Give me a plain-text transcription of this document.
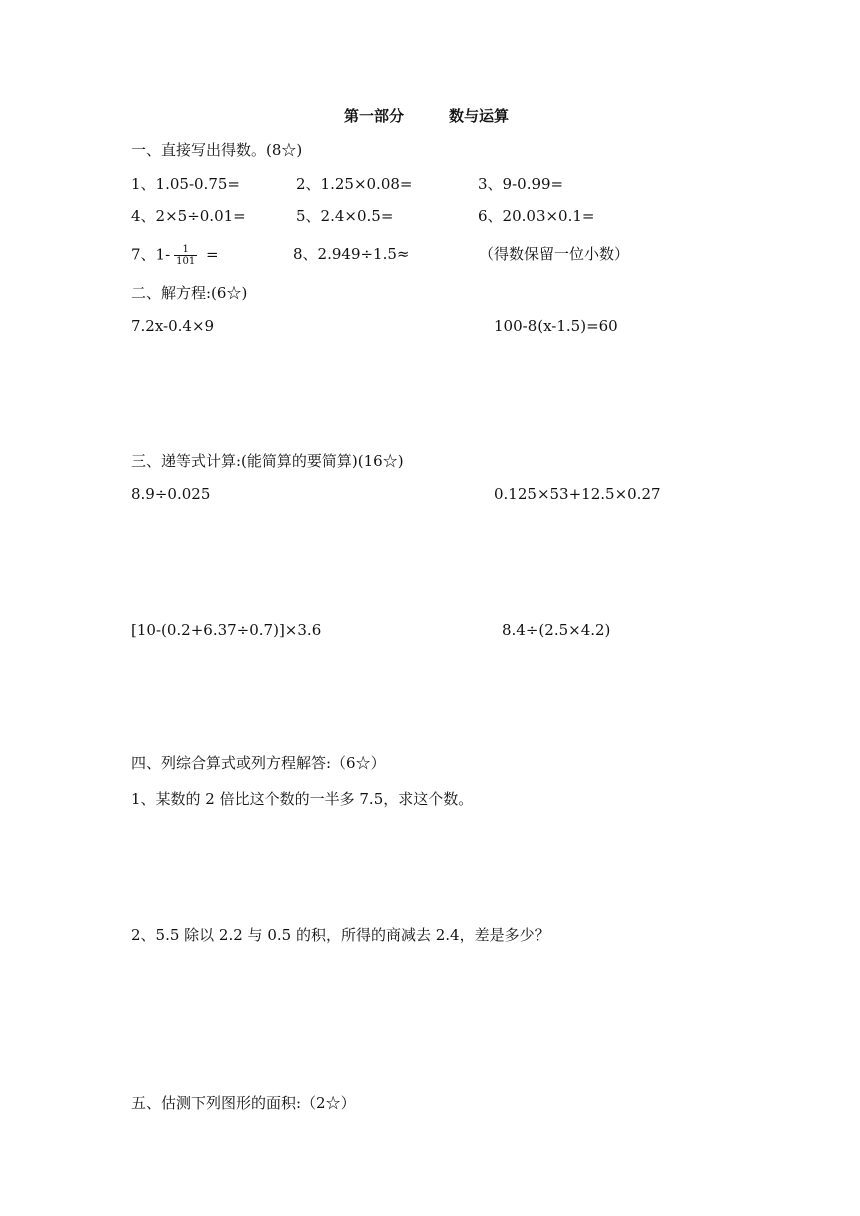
第一部分	数与运算
一、直接写出得数。(8☆)
1、1.05-0.75=	2、1.25×0.08=	3、9-0.99=
4、2×5÷0.01=	5、2.4×0.5=	6、20.03×0.1=
7、$1- \frac{1}{101}$ =	8、2.949÷1.5≈	（得数保留一位小数）
二、解方程:(6☆)
7.2x-0.4×9	100-8(x-1.5)=60
三、递等式计算:(能简算的要简算)(16☆)
8.9÷0.025	0.125×53+12.5×0.27
[10-(0.2+6.37÷0.7)]×3.6	8.4÷(2.5×4.2)
四、列综合算式或列方程解答:（6☆）
1、某数的 2 倍比这个数的一半多 7.5，求这个数。
2、5.5 除以 2.2 与 0.5 的积，所得的商减去 2.4，差是多少？
五、估测下列图形的面积:（2☆）
